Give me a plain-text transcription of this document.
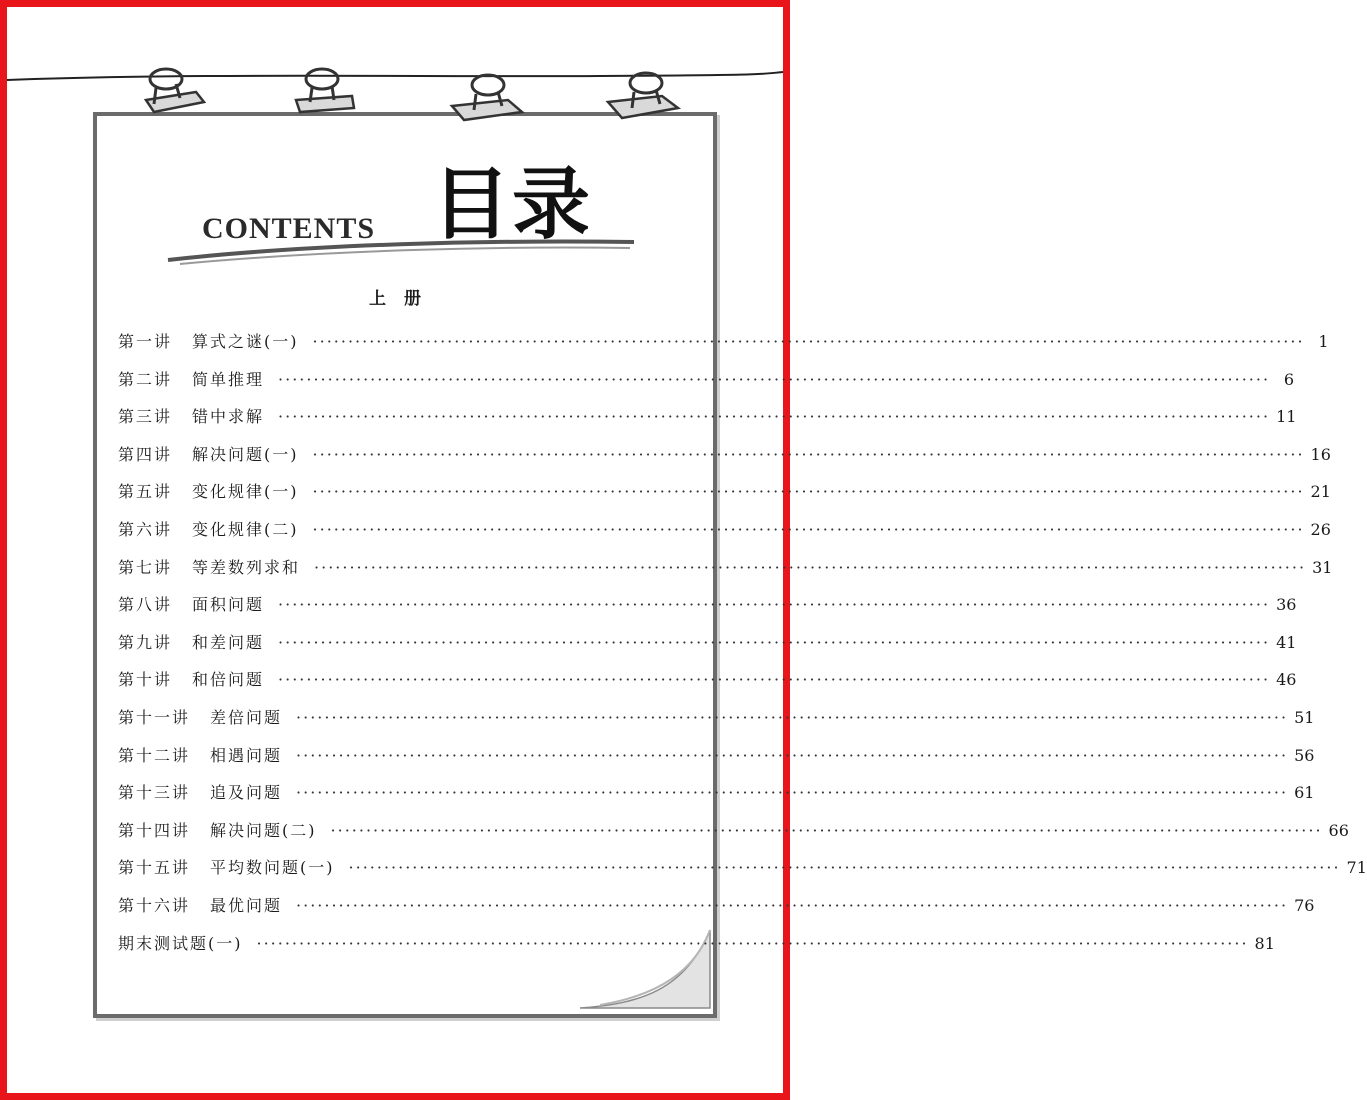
目录
CONTENTS
上册
第一讲 算式之谜(一) ············································································································································ 1
第二讲 简单推理 ············································································································································ 6
第三讲 错中求解 ············································································································································ 11
第四讲 解决问题(一) ············································································································································ 16
第五讲 变化规律(一) ············································································································································ 21
第六讲 变化规律(二) ············································································································································ 26
第七讲 等差数列求和 ············································································································································ 31
第八讲 面积问题 ············································································································································ 36
第九讲 和差问题 ············································································································································ 41
第十讲 和倍问题 ············································································································································ 46
第十一讲 差倍问题 ············································································································································ 51
第十二讲 相遇问题 ············································································································································ 56
第十三讲 追及问题 ············································································································································ 61
第十四讲 解决问题(二) ············································································································································ 66
第十五讲 平均数问题(一) ············································································································································ 71
第十六讲 最优问题 ············································································································································ 76
期末测试题(一) ············································································································································ 81
